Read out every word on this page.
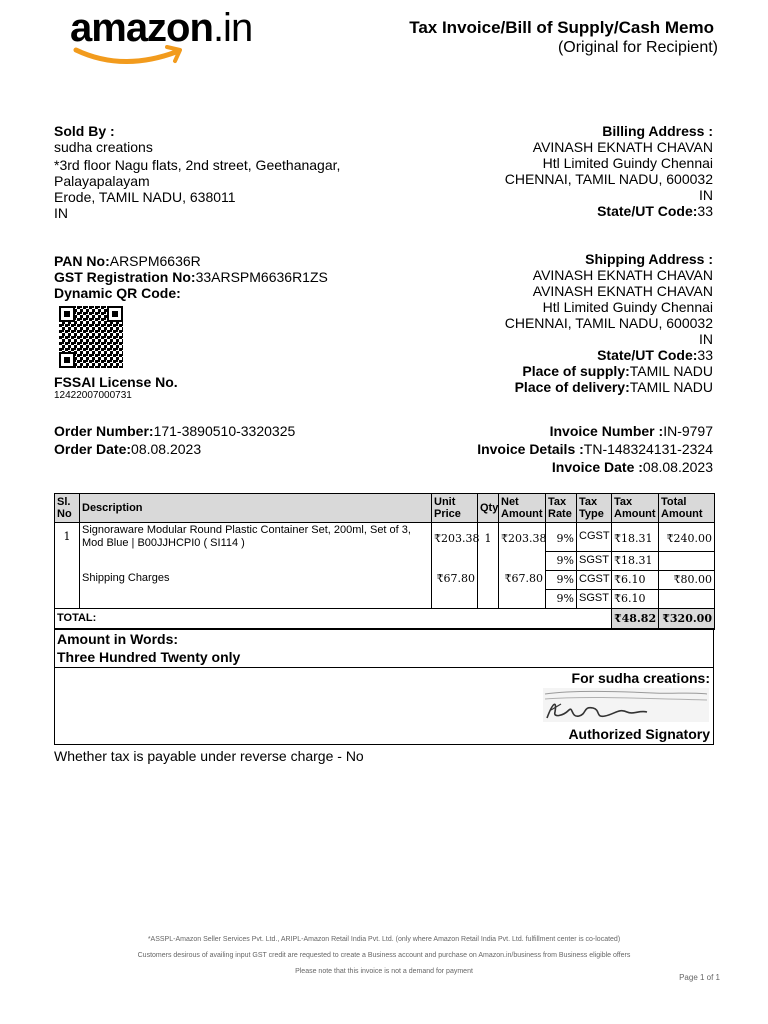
amazon.in	Tax Invoice/Bill of Supply/Cash Memo
(Original for Recipient)
Sold By :
sudha creations
*3rd floor Nagu flats, 2nd street, Geethanagar,
Palayapalayam
Erode, TAMIL NADU, 638011
IN
Billing Address :
AVINASH EKNATH CHAVAN
Htl Limited Guindy Chennai
CHENNAI, TAMIL NADU, 600032
IN
State/UT Code:33
PAN No:ARSPM6636R
GST Registration No:33ARSPM6636R1ZS
Dynamic QR Code:
FSSAI License No.
12422007000731
Shipping Address :
AVINASH EKNATH CHAVAN
AVINASH EKNATH CHAVAN
Htl Limited Guindy Chennai
CHENNAI, TAMIL NADU, 600032
IN
State/UT Code:33
Place of supply:TAMIL NADU
Place of delivery:TAMIL NADU
Order Number:171-3890510-3320325
Order Date:08.08.2023
Invoice Number :IN-9797
Invoice Details :TN-148324131-2324
Invoice Date :08.08.2023
Sl. No	Description	Unit Price	Qty	Net Amount	Tax Rate	Tax Type	Tax Amount	Total Amount
1	Signoraware Modular Round Plastic Container Set, 200ml, Set of 3, Mod Blue | B00JJHCPI0 ( SI114 )	₹203.38	1	₹203.38	9%	CGST	₹18.31	₹240.00
					9%	SGST	₹18.31	
	Shipping Charges	₹67.80		₹67.80	9%	CGST	₹6.10	₹80.00
					9%	SGST	₹6.10	
TOTAL:							₹48.82	₹320.00
Amount in Words:
Three Hundred Twenty only
For sudha creations:
Authorized Signatory
Whether tax is payable under reverse charge - No
*ASSPL-Amazon Seller Services Pvt. Ltd., ARIPL-Amazon Retail India Pvt. Ltd. (only where Amazon Retail India Pvt. Ltd. fulfillment center is co-located)
Customers desirous of availing input GST credit are requested to create a Business account and purchase on Amazon.in/business from Business eligible offers
Please note that this invoice is not a demand for payment
Page 1 of 1
